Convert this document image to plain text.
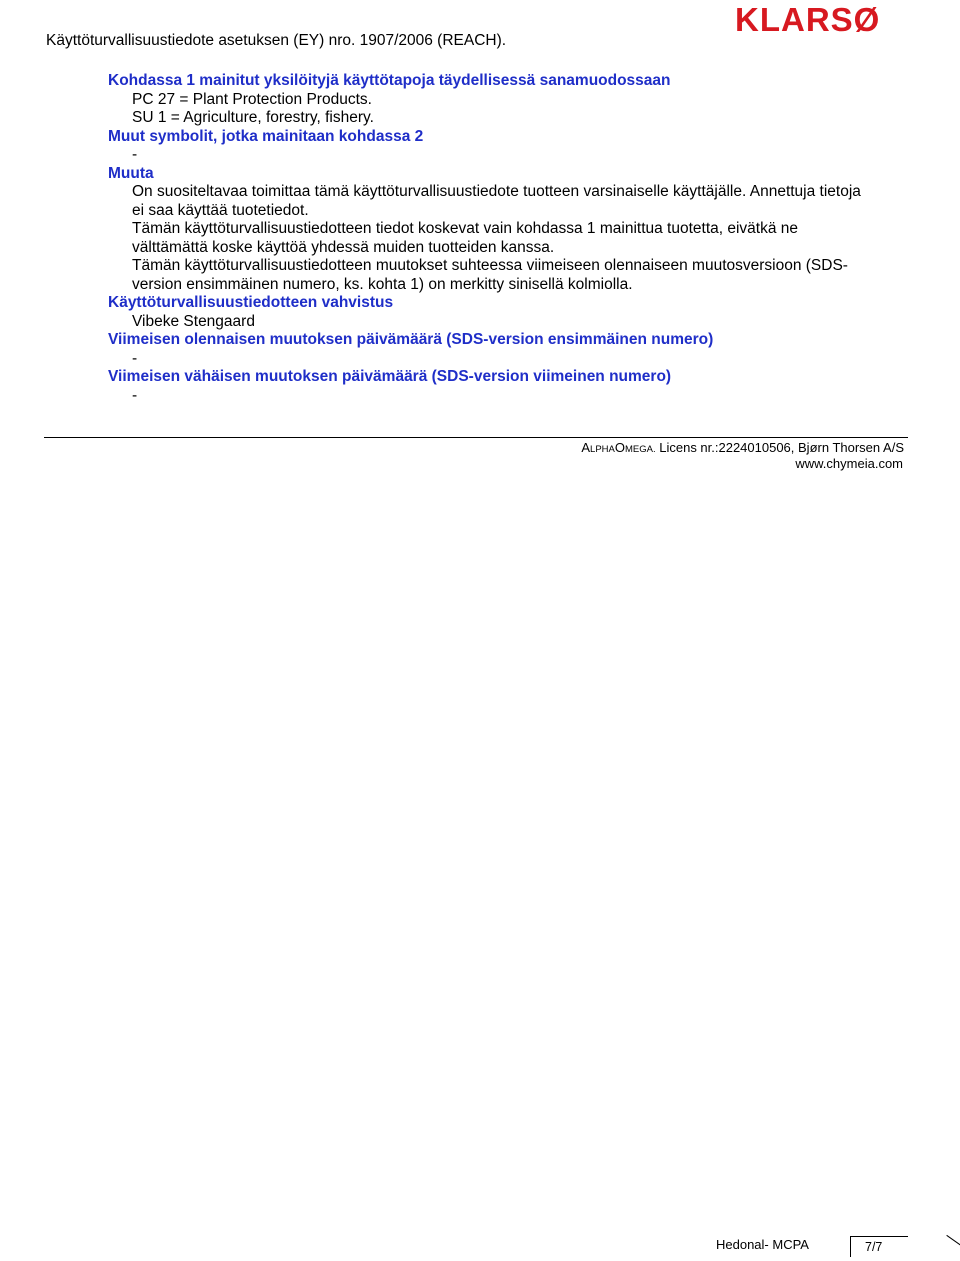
Käyttöturvallisuustiedote asetuksen (EY) nro. 1907/2006 (REACH).
KLARSØ

Kohdassa 1 mainitut yksilöityjä käyttötapoja täydellisessä sanamuodossaan

PC 27 = Plant Protection Products.

SU 1 = Agriculture, forestry, fishery.

Muut symbolit, jotka mainitaan kohdassa 2

-

Muuta

On suositeltavaa toimittaa tämä käyttöturvallisuustiedote tuotteen varsinaiselle käyttäjälle. Annettuja tietoja

ei saa käyttää tuotetiedot.

Tämän käyttöturvallisuustiedotteen tiedot koskevat vain kohdassa 1 mainittua tuotetta, eivätkä ne

välttämättä koske käyttöä yhdessä muiden tuotteiden kanssa.

Tämän käyttöturvallisuustiedotteen muutokset suhteessa viimeiseen olennaiseen muutosversioon (SDS-

version ensimmäinen numero, ks. kohta 1) on merkitty sinisellä kolmiolla.

Käyttöturvallisuustiedotteen vahvistus

Vibeke Stengaard

Viimeisen olennaisen muutoksen päivämäärä (SDS-version ensimmäinen numero)

-

Viimeisen vähäisen muutoksen päivämäärä (SDS-version viimeinen numero)

-

ALPHAOMEGA. Licens nr.:2224010506, Bjørn Thorsen A/S
www.chymeia.com
Hedonal- MCPA	7/7
